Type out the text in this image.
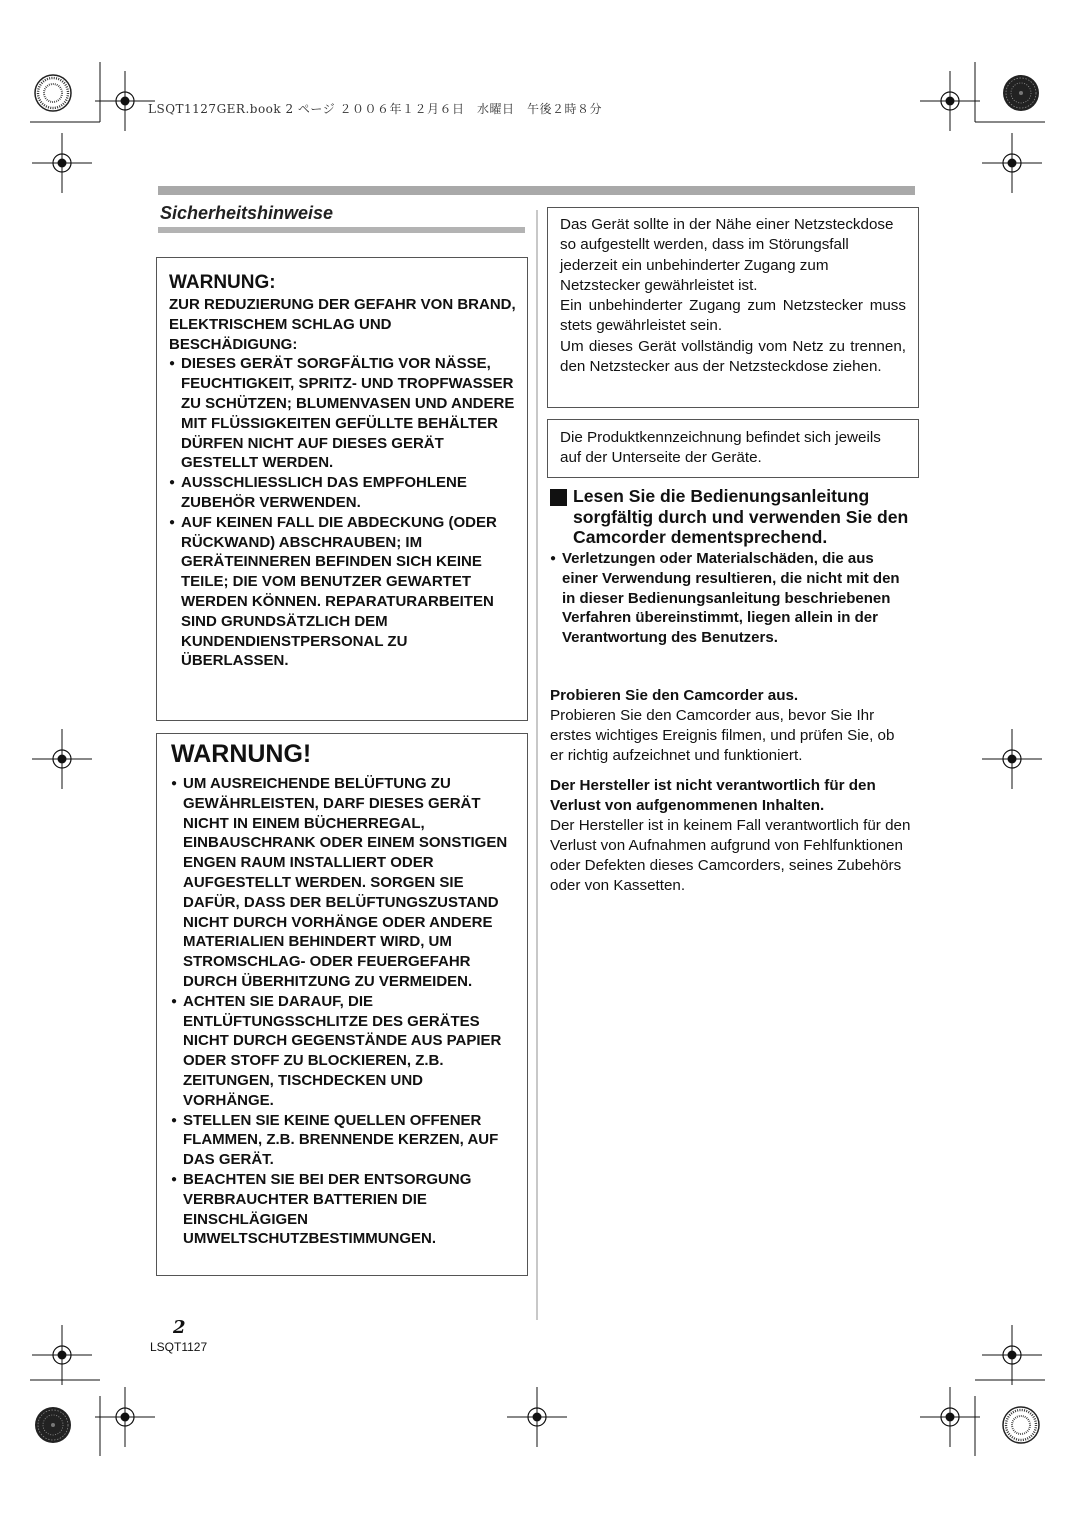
LSQT1127GER.book 2 ページ ２００６年１２月６日　水曜日　午後２時８分
Sicherheitshinweise
WARNUNG:
ZUR REDUZIERUNG DER GEFAHR VON BRAND, ELEKTRISCHEM SCHLAG UND BESCHÄDIGUNG:
● DIESES GERÄT SORGFÄLTIG VOR NÄSSE, FEUCHTIGKEIT, SPRITZ- UND TROPFWASSER ZU SCHÜTZEN; BLUMENVASEN UND ANDERE MIT FLÜSSIGKEITEN GEFÜLLTE BEHÄLTER DÜRFEN NICHT AUF DIESES GERÄT GESTELLT WERDEN.
● AUSSCHLIESSLICH DAS EMPFOHLENE ZUBEHÖR VERWENDEN.
● AUF KEINEN FALL DIE ABDECKUNG (ODER RÜCKWAND) ABSCHRAUBEN; IM GERÄTEINNEREN BEFINDEN SICH KEINE TEILE; DIE VOM BENUTZER GEWARTET WERDEN KÖNNEN. REPARATURARBEITEN SIND GRUNDSÄTZLICH DEM KUNDENDIENSTPERSONAL ZU ÜBERLASSEN.
WARNUNG!
● UM AUSREICHENDE BELÜFTUNG ZU GEWÄHRLEISTEN, DARF DIESES GERÄT NICHT IN EINEM BÜCHERREGAL, EINBAUSCHRANK ODER EINEM SONSTIGEN ENGEN RAUM INSTALLIERT ODER AUFGESTELLT WERDEN. SORGEN SIE DAFÜR, DASS DER BELÜFTUNGSZUSTAND NICHT DURCH VORHÄNGE ODER ANDERE MATERIALIEN BEHINDERT WIRD, UM STROMSCHLAG- ODER FEUERGEFAHR DURCH ÜBERHITZUNG ZU VERMEIDEN.
● ACHTEN SIE DARAUF, DIE ENTLÜFTUNGSSCHLITZE DES GERÄTES NICHT DURCH GEGENSTÄNDE AUS PAPIER ODER STOFF ZU BLOCKIEREN, Z.B. ZEITUNGEN, TISCHDECKEN UND VORHÄNGE.
● STELLEN SIE KEINE QUELLEN OFFENER FLAMMEN, Z.B. BRENNENDE KERZEN, AUF DAS GERÄT.
● BEACHTEN SIE BEI DER ENTSORGUNG VERBRAUCHTER BATTERIEN DIE EINSCHLÄGIGEN UMWELTSCHUTZBESTIMMUNGEN.

Das Gerät sollte in der Nähe einer Netzsteckdose so aufgestellt werden, dass im Störungsfall jederzeit ein unbehinderter Zugang zum Netzstecker gewährleistet ist.

Ein unbehinderter Zugang zum Netzstecker muss stets gewährleistet sein.

Um dieses Gerät vollständig vom Netz zu trennen, den Netzstecker aus der Netzsteckdose ziehen.

Die Produktkennzeichnung befindet sich jeweils auf der Unterseite der Geräte.
Lesen Sie die Bedienungsanleitung sorgfältig durch und verwenden Sie den Camcorder dementsprechend.
● Verletzungen oder Materialschäden, die aus einer Verwendung resultieren, die nicht mit den in dieser Bedienungsanleitung beschriebenen Verfahren übereinstimmt, liegen allein in der Verantwortung des Benutzers.
Probieren Sie den Camcorder aus.
Probieren Sie den Camcorder aus, bevor Sie Ihr erstes wichtiges Ereignis filmen, und prüfen Sie, ob er richtig aufzeichnet und funktioniert.
Der Hersteller ist nicht verantwortlich für den Verlust von aufgenommenen Inhalten.
Der Hersteller ist in keinem Fall verantwortlich für den Verlust von Aufnahmen aufgrund von Fehlfunktionen oder Defekten dieses Camcorders, seines Zubehörs oder von Kassetten.
2
LSQT1127
